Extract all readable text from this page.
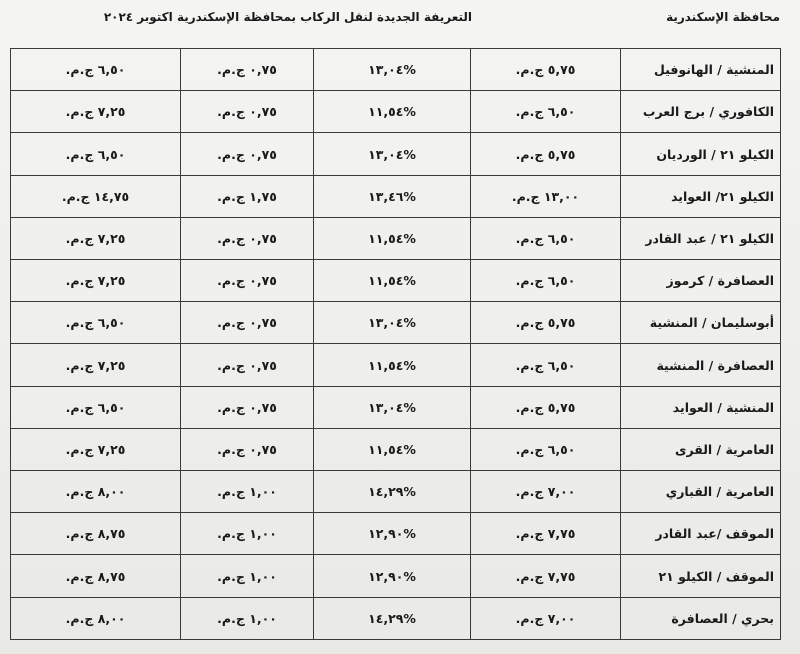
محافظة الإسكندرية
التعريفة الجديدة لنقل الركاب بمحافظة الإسكندرية اكتوبر ٢٠٢٤
٦,٥٠ ج.م.	٠,٧٥ ج.م.	%١٣,٠٤	٥,٧٥ ج.م.	المنشية / الهانوفيل
٧,٢٥ ج.م.	٠,٧٥ ج.م.	%١١,٥٤	٦,٥٠ ج.م.	الكافوري / برج العرب
٦,٥٠ ج.م.	٠,٧٥ ج.م.	%١٣,٠٤	٥,٧٥ ج.م.	الكيلو ٢١ / الورديان
١٤,٧٥ ج.م.	١,٧٥ ج.م.	%١٣,٤٦	١٣,٠٠ ج.م.	الكيلو ٢١/ العوايد
٧,٢٥ ج.م.	٠,٧٥ ج.م.	%١١,٥٤	٦,٥٠ ج.م.	الكيلو ٢١ / عبد القادر
٧,٢٥ ج.م.	٠,٧٥ ج.م.	%١١,٥٤	٦,٥٠ ج.م.	العصافرة / كرموز
٦,٥٠ ج.م.	٠,٧٥ ج.م.	%١٣,٠٤	٥,٧٥ ج.م.	أبوسليمان / المنشية
٧,٢٥ ج.م.	٠,٧٥ ج.م.	%١١,٥٤	٦,٥٠ ج.م.	العصافرة / المنشية
٦,٥٠ ج.م.	٠,٧٥ ج.م.	%١٣,٠٤	٥,٧٥ ج.م.	المنشية / العوايد
٧,٢٥ ج.م.	٠,٧٥ ج.م.	%١١,٥٤	٦,٥٠ ج.م.	العامرية / القرى
٨,٠٠ ج.م.	١,٠٠ ج.م.	%١٤,٢٩	٧,٠٠ ج.م.	العامرية / القباري
٨,٧٥ ج.م.	١,٠٠ ج.م.	%١٢,٩٠	٧,٧٥ ج.م.	الموقف /عبد القادر
٨,٧٥ ج.م.	١,٠٠ ج.م.	%١٢,٩٠	٧,٧٥ ج.م.	الموقف / الكيلو ٢١
٨,٠٠ ج.م.	١,٠٠ ج.م.	%١٤,٢٩	٧,٠٠ ج.م.	بحري / العصافرة
